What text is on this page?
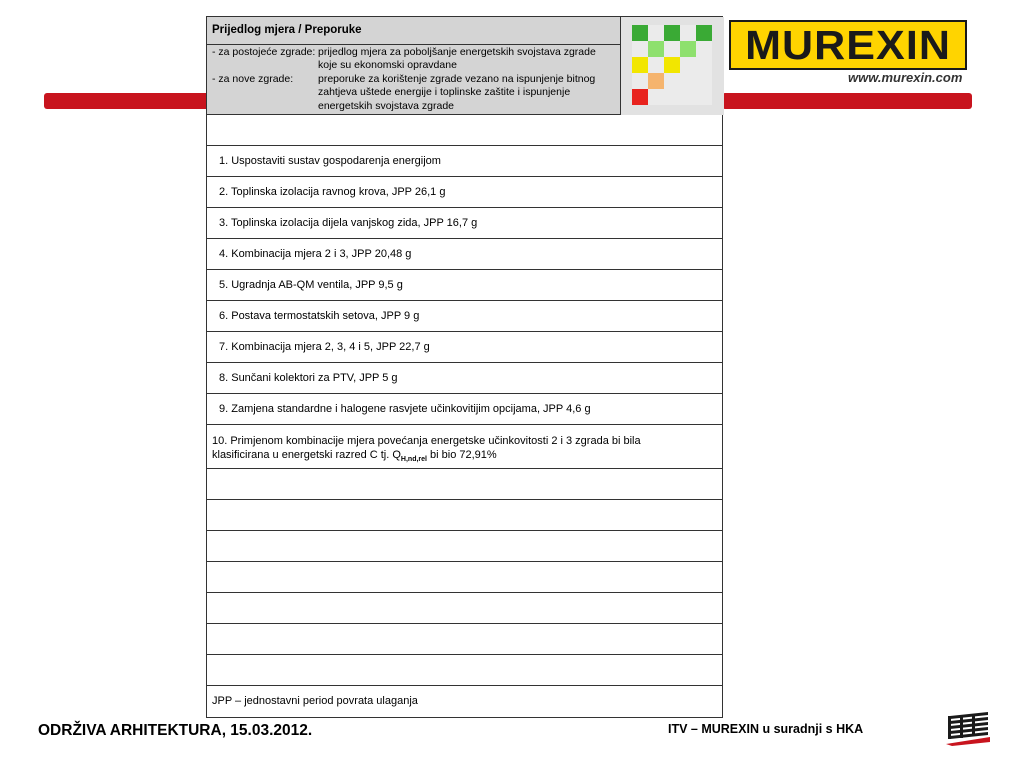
MUREXIN
www.murexin.com
Prijedlog mjera / Preporuke
- za postojeće zgrade: prijedlog mjera za poboljšanje energetskih svojstava zgrade koje su ekonomski opravdane
- za nove zgrade:	preporuke za korištenje zgrade vezano na ispunjenje bitnog zahtjeva uštede energije i toplinske zaštite i ispunjenje energetskih svojstava zgrade
1. Uspostaviti sustav gospodarenja energijom
2. Toplinska izolacija ravnog krova, JPP 26,1 g
3. Toplinska izolacija dijela vanjskog zida, JPP 16,7 g
4. Kombinacija mjera 2 i 3, JPP 20,48 g
5. Ugradnja AB-QM ventila, JPP 9,5 g
6. Postava termostatskih setova, JPP 9 g
7. Kombinacija mjera 2, 3, 4 i 5, JPP 22,7 g
8. Sunčani kolektori za PTV, JPP 5 g
9. Zamjena standardne i halogene rasvjete učinkovitijim opcijama, JPP 4,6 g
10. Primjenom kombinacije mjera povećanja energetske učinkovitosti 2 i 3 zgrada bi bila
klasificirana u energetski razred C tj. $Q_{H,nd,rel}$ bi bio 72,91%
JPP – jednostavni period povrata ulaganja
ODRŽIVA ARHITEKTURA, 15.03.2012.	ITV – MUREXIN u suradnji s HKA
